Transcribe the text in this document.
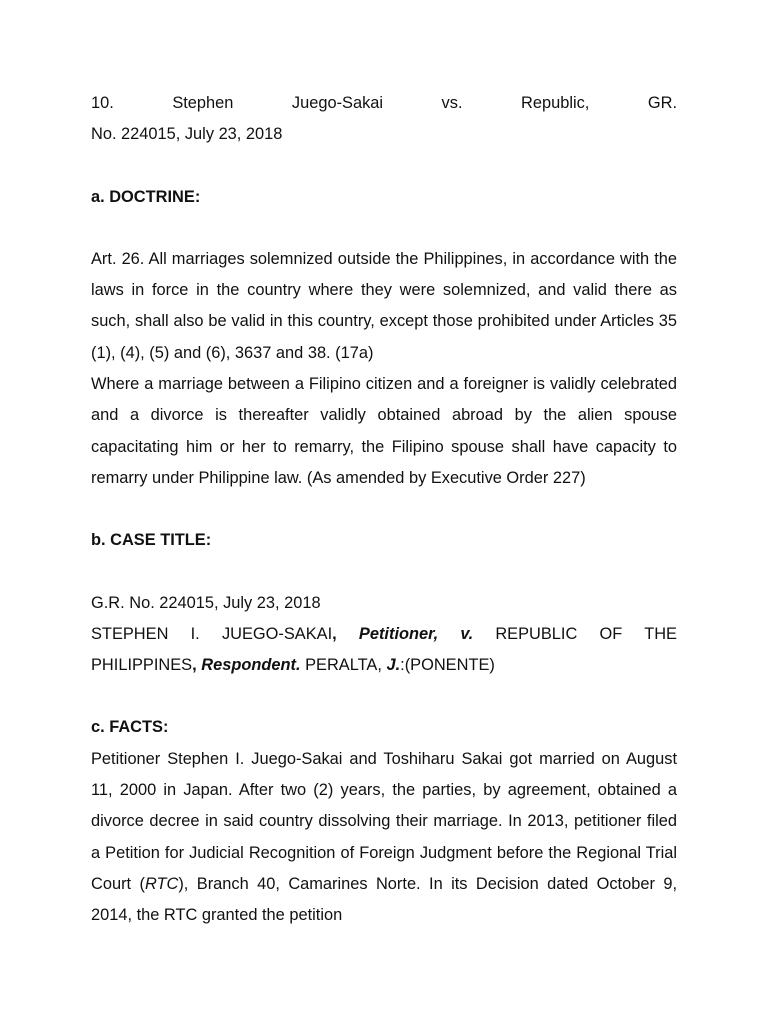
10.	Stephen	Juego-Sakai	vs.	Republic,	GR.
No. 224015, July 23, 2018
a. DOCTRINE:

Art. 26. All marriages solemnized outside the Philippines, in accordance with the laws in force in the country where they were solemnized, and valid there as such, shall also be valid in this country, except those prohibited under Articles 35 (1), (4), (5) and (6), 3637 and 38. (17a)

Where a marriage between a Filipino citizen and a foreigner is validly celebrated and a divorce is thereafter validly obtained abroad by the alien spouse capacitating him or her to remarry, the Filipino spouse shall have capacity to remarry under Philippine law. (As amended by Executive Order 227)

b. CASE TITLE:
G.R. No. 224015, July 23, 2018
STEPHEN I. JUEGO-SAKAI, Petitioner, v. REPUBLIC OF THE
PHILIPPINES, Respondent. PERALTA, J.:(PONENTE)
c. FACTS:

Petitioner Stephen I. Juego-Sakai and Toshiharu Sakai got married on August 11, 2000 in Japan. After two (2) years, the parties, by agreement, obtained a divorce decree in said country dissolving their marriage. In 2013, petitioner filed a Petition for Judicial Recognition of Foreign Judgment before the Regional Trial Court (RTC), Branch 40, Camarines Norte. In its Decision dated October 9, 2014, the RTC granted the petition
